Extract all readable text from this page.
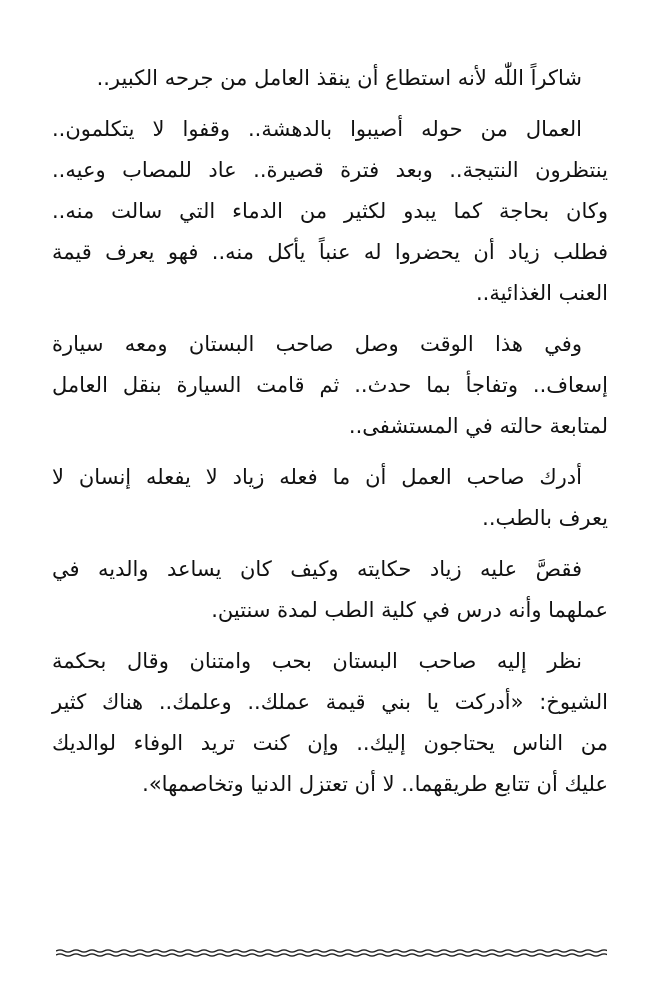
شاكراً اللّٰه لأنه استطاع أن ينقذ العامل من جرحه الكبير..

العمال من حوله أصيبوا بالدهشة.. وقفوا لا يتكلمون..
ينتظرون النتيجة.. وبعد فترة قصيرة.. عاد للمصاب وعيه..
وكان بحاجة كما يبدو لكثير من الدماء التي سالت منه..
فطلب زياد أن يحضروا له عنباً يأكل منه.. فهو يعرف قيمة
العنب الغذائية..

وفي هذا الوقت وصل صاحب البستان ومعه سيارة
إسعاف.. وتفاجأ بما حدث.. ثم قامت السيارة بنقل العامل
لمتابعة حالته في المستشفى..

أدرك صاحب العمل أن ما فعله زياد لا يفعله إنسان لا
يعرف بالطب..

فقصَّ عليه زياد حكايته وكيف كان يساعد والديه في
عملهما وأنه درس في كلية الطب لمدة سنتين.

نظر إليه صاحب البستان بحب وامتنان وقال بحكمة
الشيوخ: «أدركت يا بني قيمة عملك.. وعلمك.. هناك كثير
من الناس يحتاجون إليك.. وإن كنت تريد الوفاء لوالديك
عليك أن تتابع طريقهما.. لا أن تعتزل الدنيا وتخاصمها».
